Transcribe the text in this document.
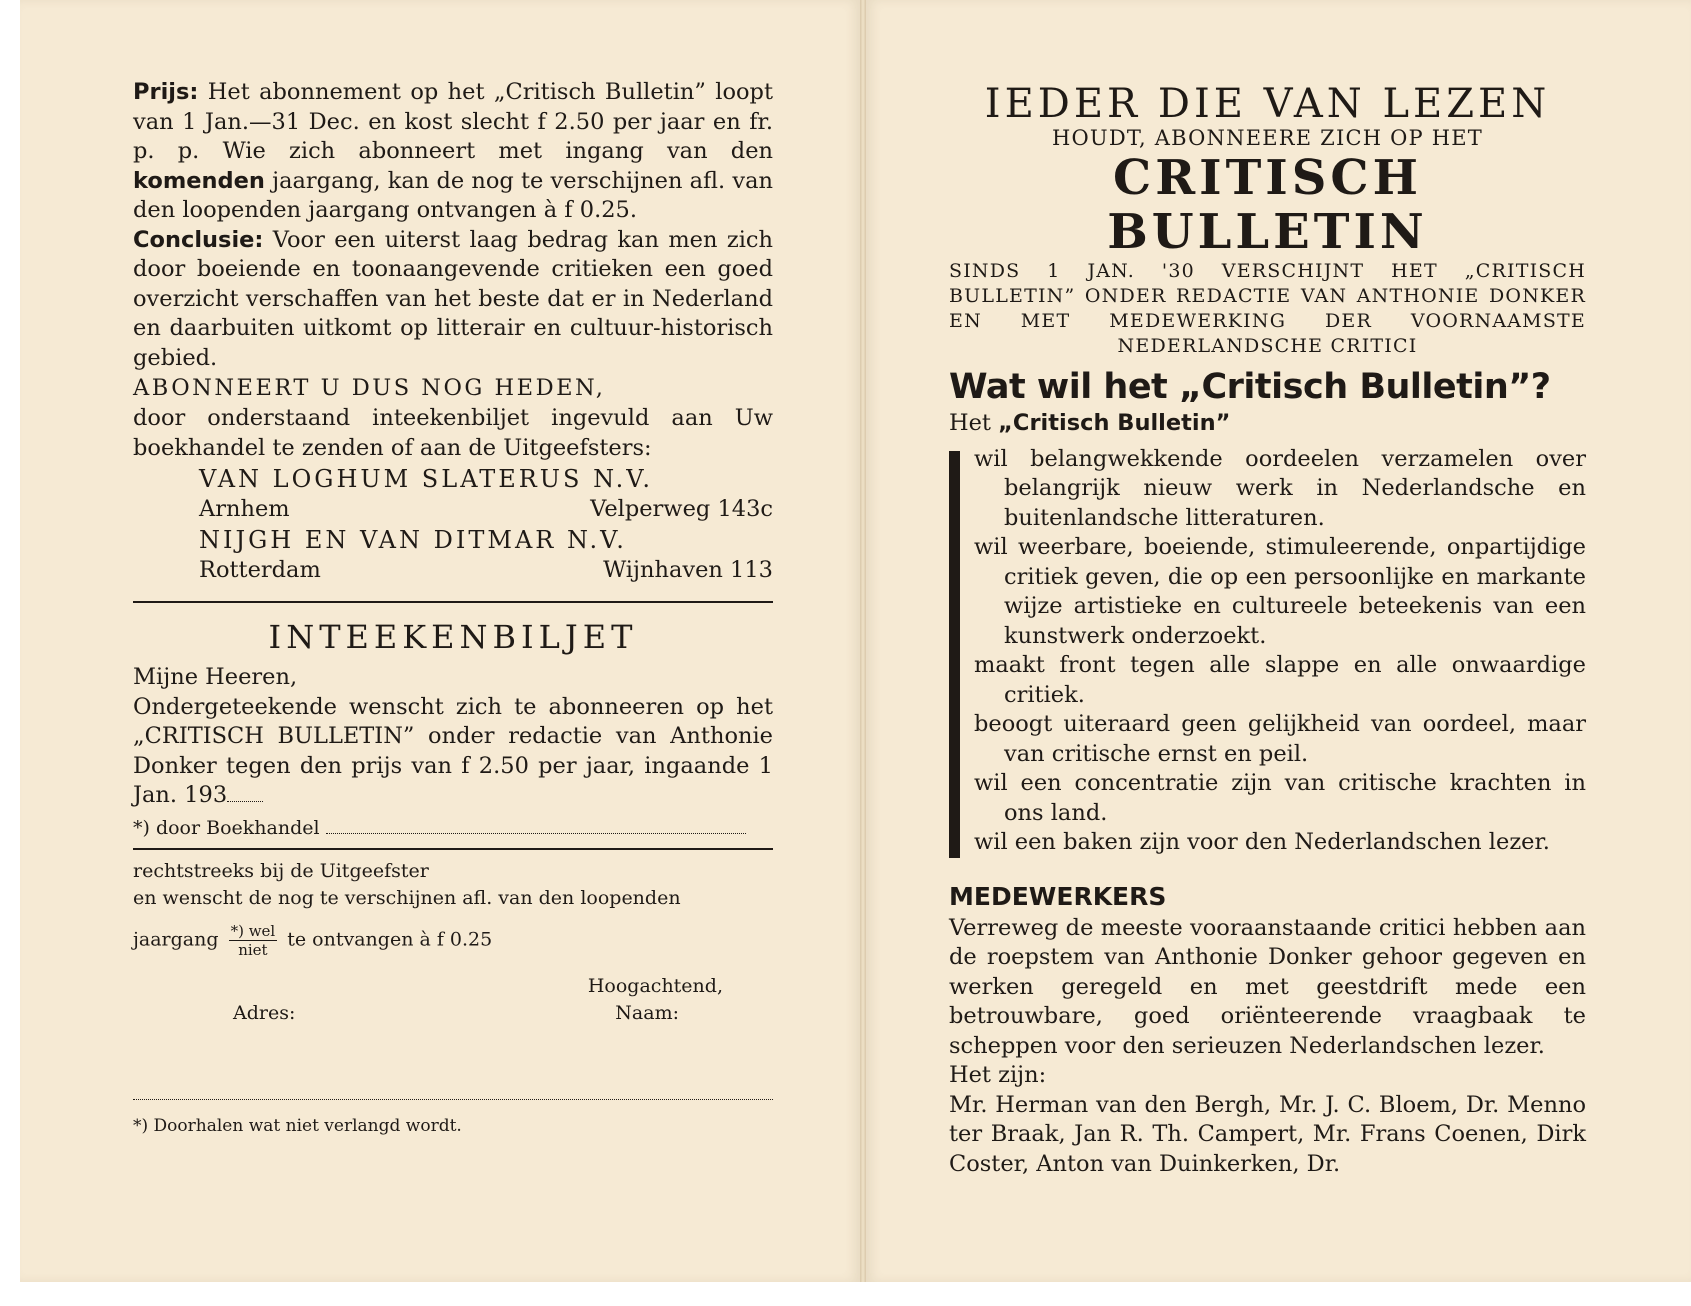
Prijs: Het abonnement op het „Critisch Bulletin” loopt van 1 Jan.—31 Dec. en kost slecht f 2.50 per jaar en fr. p. p. Wie zich abonneert met ingang van den komenden jaargang, kan de nog te verschijnen afl. van den loopenden jaargang ontvangen à f 0.25.

Conclusie: Voor een uiterst laag bedrag kan men zich door boeiende en toonaangevende critieken een goed overzicht verschaffen van het beste dat er in Nederland en daarbuiten uitkomt op litterair en cultuur-historisch gebied.

ABONNEERT U DUS NOG HEDEN,

door onderstaand inteekenbiljet ingevuld aan Uw boekhandel te zenden of aan de Uitgeefsters:

VAN LOGHUM SLATERUS N.V.

Arnhem	Velperweg 143c

NIJGH EN VAN DITMAR N.V.

Rotterdam	Wijnhaven 113

INTEEKENBILJET

Mijne Heeren,

Ondergeteekende wenscht zich te abonneeren op het „CRITISCH BULLETIN” onder redactie van Anthonie Donker tegen den prijs van f 2.50 per jaar, ingaande 1 Jan. 193

*) door Boekhandel

rechtstreeks bij de Uitgeefster

en wenscht de nog te verschijnen afl. van den loopenden

jaargang $\frac{\text{*) wel}}{\text{niet}}$ te ontvangen à f 0.25

Hoogachtend,

Adres:	Naam:

*) Doorhalen wat niet verlangd wordt.

IEDER DIE VAN LEZEN

HOUDT, ABONNEERE ZICH OP HET

CRITISCH BULLETIN

SINDS 1 JAN. '30 VERSCHIJNT HET „CRITISCH BULLETIN” ONDER REDACTIE VAN ANTHONIE DONKER EN MET MEDEWERKING DER VOORNAAMSTE NEDERLANDSCHE CRITICI

Wat wil het „Critisch Bulletin”?

Het „Critisch Bulletin”

wil belangwekkende oordeelen verzamelen over belangrijk nieuw werk in Nederlandsche en buitenlandsche litteraturen.

wil weerbare, boeiende, stimuleerende, onpartijdige critiek geven, die op een persoonlijke en markante wijze artistieke en cultureele beteekenis van een kunstwerk onderzoekt.

maakt front tegen alle slappe en alle onwaardige critiek.

beoogt uiteraard geen gelijkheid van oordeel, maar van critische ernst en peil.

wil een concentratie zijn van critische krachten in ons land.

wil een baken zijn voor den Nederlandschen lezer.

MEDEWERKERS

Verreweg de meeste vooraanstaande critici hebben aan de roepstem van Anthonie Donker gehoor gegeven en werken geregeld en met geestdrift mede een betrouwbare, goed oriënteerende vraagbaak te scheppen voor den serieuzen Nederlandschen lezer.

Het zijn:

Mr. Herman van den Bergh, Mr. J. C. Bloem, Dr. Menno ter Braak, Jan R. Th. Campert, Mr. Frans Coenen, Dirk Coster, Anton van Duinkerken, Dr.
